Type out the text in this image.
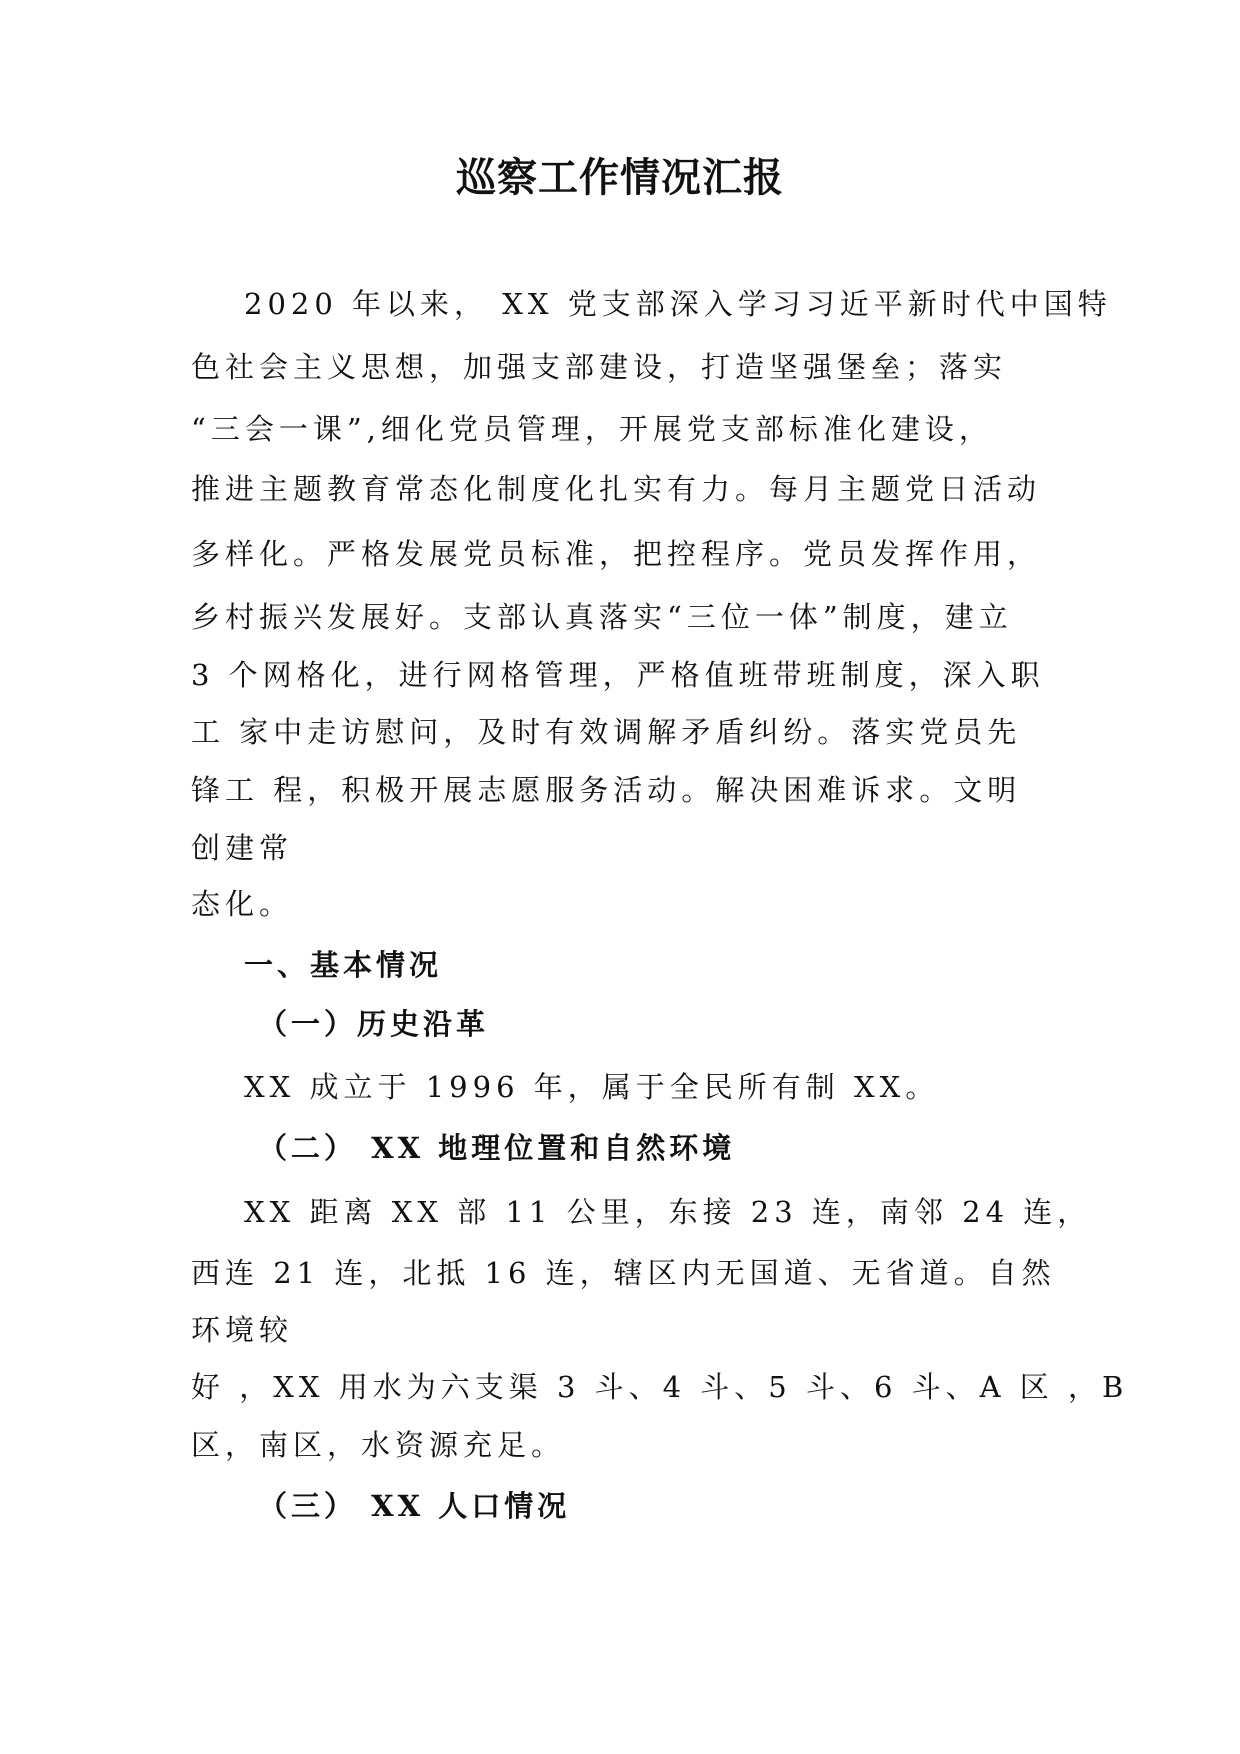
巡察工作情况汇报
2020 年以来， XX 党支部深入学习习近平新时代中国特
色社会主义思想，加强支部建设，打造坚强堡垒；落实
“三会一课”,细化党员管理，开展党支部标准化建设，
推进主题教育常态化制度化扎实有力。每月主题党日活动
多样化。严格发展党员标准，把控程序。党员发挥作用，
乡村振兴发展好。支部认真落实“三位一体”制度，建立
3 个网格化，进行网格管理，严格值班带班制度，深入职
工 家中走访慰问，及时有效调解矛盾纠纷。落实党员先
锋工 程，积极开展志愿服务活动。解决困难诉求。文明
创建常
态化。
一、基本情况
（一）历史沿革
XX 成立于 1996 年，属于全民所有制 XX。
（二） XX 地理位置和自然环境
XX 距离 XX 部 11 公里，东接 23 连，南邻 24 连，
西连 21 连，北抵 16 连，辖区内无国道、无省道。自然
环境较
好 ，XX 用水为六支渠 3 斗、4 斗、5 斗、6 斗、A 区 ，B
区，南区，水资源充足。
（三） XX 人口情况
